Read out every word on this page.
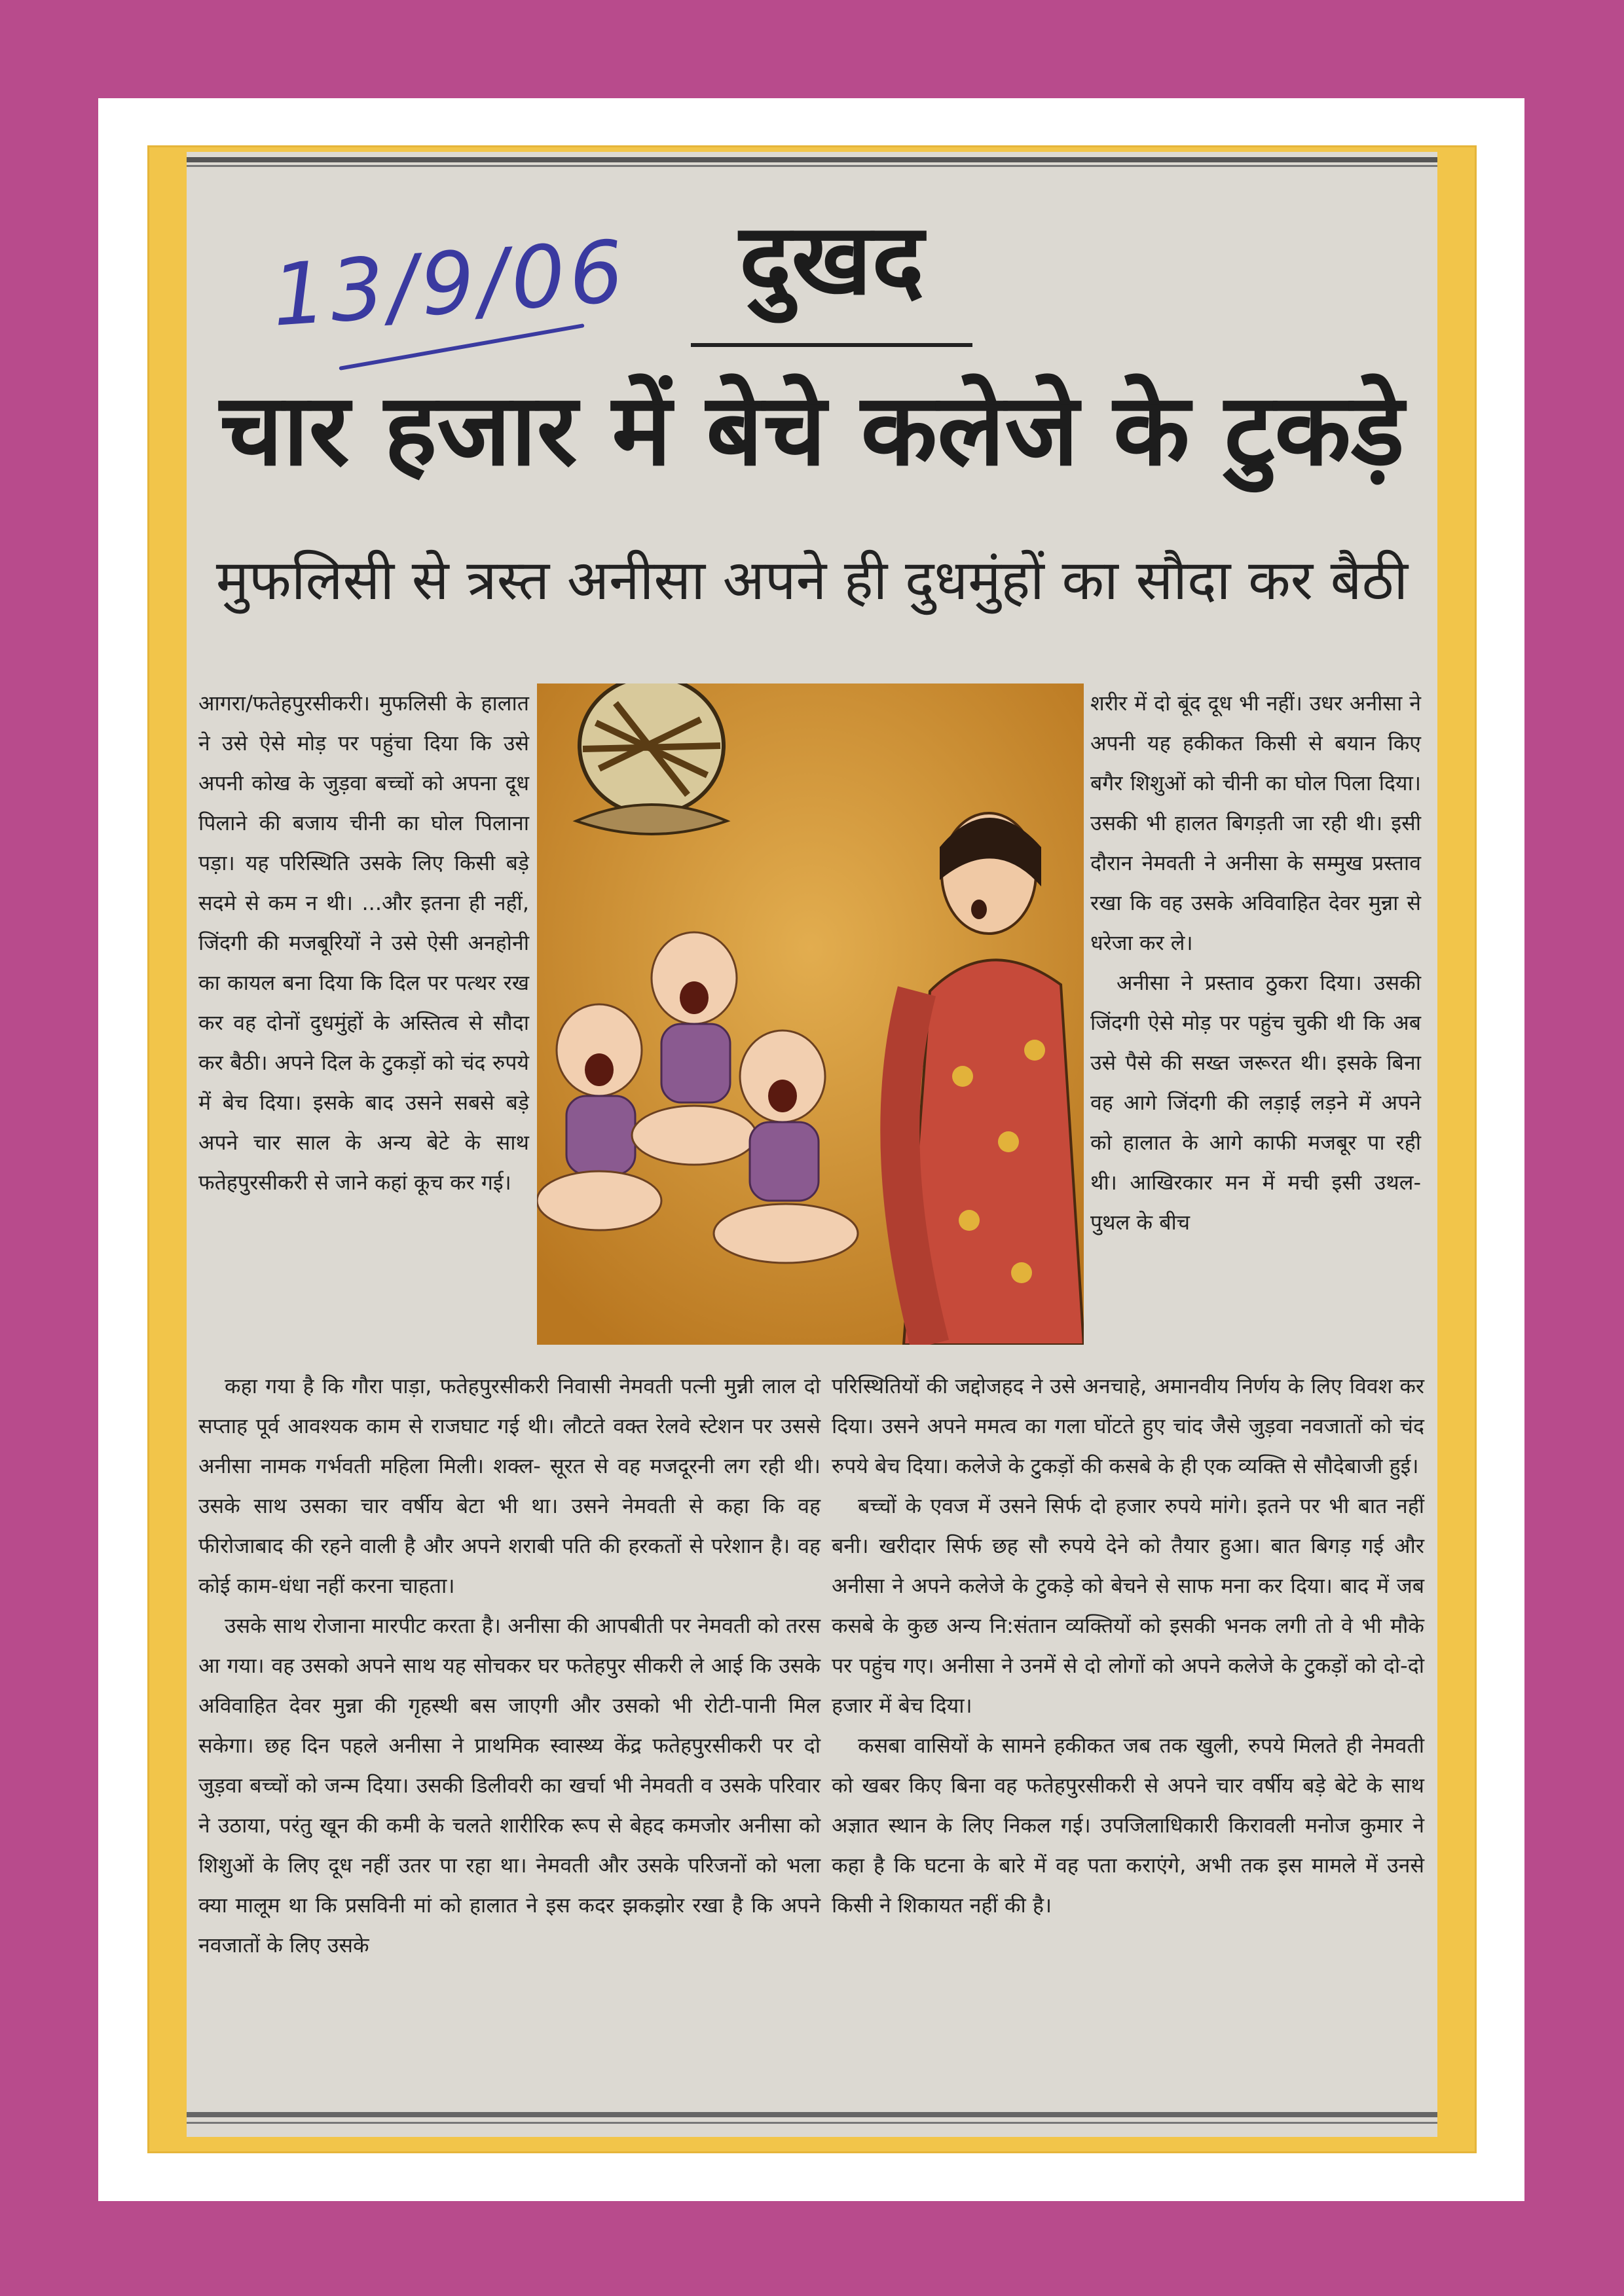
13/9/06	दुखद
चार हजार में बेचे कलेजे के टुकड़े
मुफलिसी से त्रस्त अनीसा अपने ही दुधमुंहों का सौदा कर बैठी

आगरा/फतेहपुरसीकरी। मुफलिसी के हालात ने उसे ऐसे मोड़ पर पहुंचा दिया कि उसे अपनी कोख के जुड़वा बच्चों को अपना दूध पिलाने की बजाय चीनी का घोल पिलाना पड़ा। यह परिस्थिति उसके लिए किसी बड़े सदमे से कम न थी। ...और इतना ही नहीं, जिंदगी की मजबूरियों ने उसे ऐसी अनहोनी का कायल बना दिया कि दिल पर पत्थर रख कर वह दोनों दुधमुंहों के अस्तित्व से सौदा कर बैठी। अपने दिल के टुकड़ों को चंद रुपये में बेच दिया। इसके बाद उसने सबसे बड़े अपने चार साल के अन्य बेटे के साथ फतेहपुरसीकरी से जाने कहां कूच कर गई।

शरीर में दो बूंद दूध भी नहीं। उधर अनीसा ने अपनी यह हकीकत किसी से बयान किए बगैर शिशुओं को चीनी का घोल पिला दिया। उसकी भी हालत बिगड़ती जा रही थी। इसी दौरान नेमवती ने अनीसा के सम्मुख प्रस्ताव रखा कि वह उसके अविवाहित देवर मुन्ना से धरेजा कर ले।

अनीसा ने प्रस्ताव ठुकरा दिया। उसकी जिंदगी ऐसे मोड़ पर पहुंच चुकी थी कि अब उसे पैसे की सख्त जरूरत थी। इसके बिना वह आगे जिंदगी की लड़ाई लड़ने में अपने को हालात के आगे काफी मजबूर पा रही थी। आखिरकार मन में मची इसी उथल-पुथल के बीच

कहा गया है कि गौरा पाड़ा, फतेहपुरसीकरी निवासी नेमवती पत्नी मुन्नी लाल दो सप्ताह पूर्व आवश्यक काम से राजघाट गई थी। लौटते वक्त रेलवे स्टेशन पर उससे अनीसा नामक गर्भवती महिला मिली। शक्ल- सूरत से वह मजदूरनी लग रही थी। उसके साथ उसका चार वर्षीय बेटा भी था। उसने नेमवती से कहा कि वह फीरोजाबाद की रहने वाली है और अपने शराबी पति की हरकतों से परेशान है। वह कोई काम-धंधा नहीं करना चाहता।

उसके साथ रोजाना मारपीट करता है। अनीसा की आपबीती पर नेमवती को तरस आ गया। वह उसको अपने साथ यह सोचकर घर फतेहपुर सीकरी ले आई कि उसके अविवाहित देवर मुन्ना की गृहस्थी बस जाएगी और उसको भी रोटी-पानी मिल सकेगा। छह दिन पहले अनीसा ने प्राथमिक स्वास्थ्य केंद्र फतेहपुरसीकरी पर दो जुड़वा बच्चों को जन्म दिया। उसकी डिलीवरी का खर्चा भी नेमवती व उसके परिवार ने उठाया, परंतु खून की कमी के चलते शारीरिक रूप से बेहद कमजोर अनीसा को शिशुओं के लिए दूध नहीं उतर पा रहा था। नेमवती और उसके परिजनों को भला क्या मालूम था कि प्रसविनी मां को हालात ने इस कदर झकझोर रखा है कि अपने नवजातों के लिए उसके

परिस्थितियों की जद्दोजहद ने उसे अनचाहे, अमानवीय निर्णय के लिए विवश कर दिया। उसने अपने ममत्व का गला घोंटते हुए चांद जैसे जुड़वा नवजातों को चंद रुपये बेच दिया। कलेजे के टुकड़ों की कसबे के ही एक व्यक्ति से सौदेबाजी हुई।

बच्चों के एवज में उसने सिर्फ दो हजार रुपये मांगे। इतने पर भी बात नहीं बनी। खरीदार सिर्फ छह सौ रुपये देने को तैयार हुआ। बात बिगड़ गई और अनीसा ने अपने कलेजे के टुकड़े को बेचने से साफ मना कर दिया। बाद में जब कसबे के कुछ अन्य नि:संतान व्यक्तियों को इसकी भनक लगी तो वे भी मौके पर पहुंच गए। अनीसा ने उनमें से दो लोगों को अपने कलेजे के टुकड़ों को दो-दो हजार में बेच दिया।

कसबा वासियों के सामने हकीकत जब तक खुली, रुपये मिलते ही नेमवती को खबर किए बिना वह फतेहपुरसीकरी से अपने चार वर्षीय बड़े बेटे के साथ अज्ञात स्थान के लिए निकल गई। उपजिलाधिकारी किरावली मनोज कुमार ने कहा है कि घटना के बारे में वह पता कराएंगे, अभी तक इस मामले में उनसे किसी ने शिकायत नहीं की है।
